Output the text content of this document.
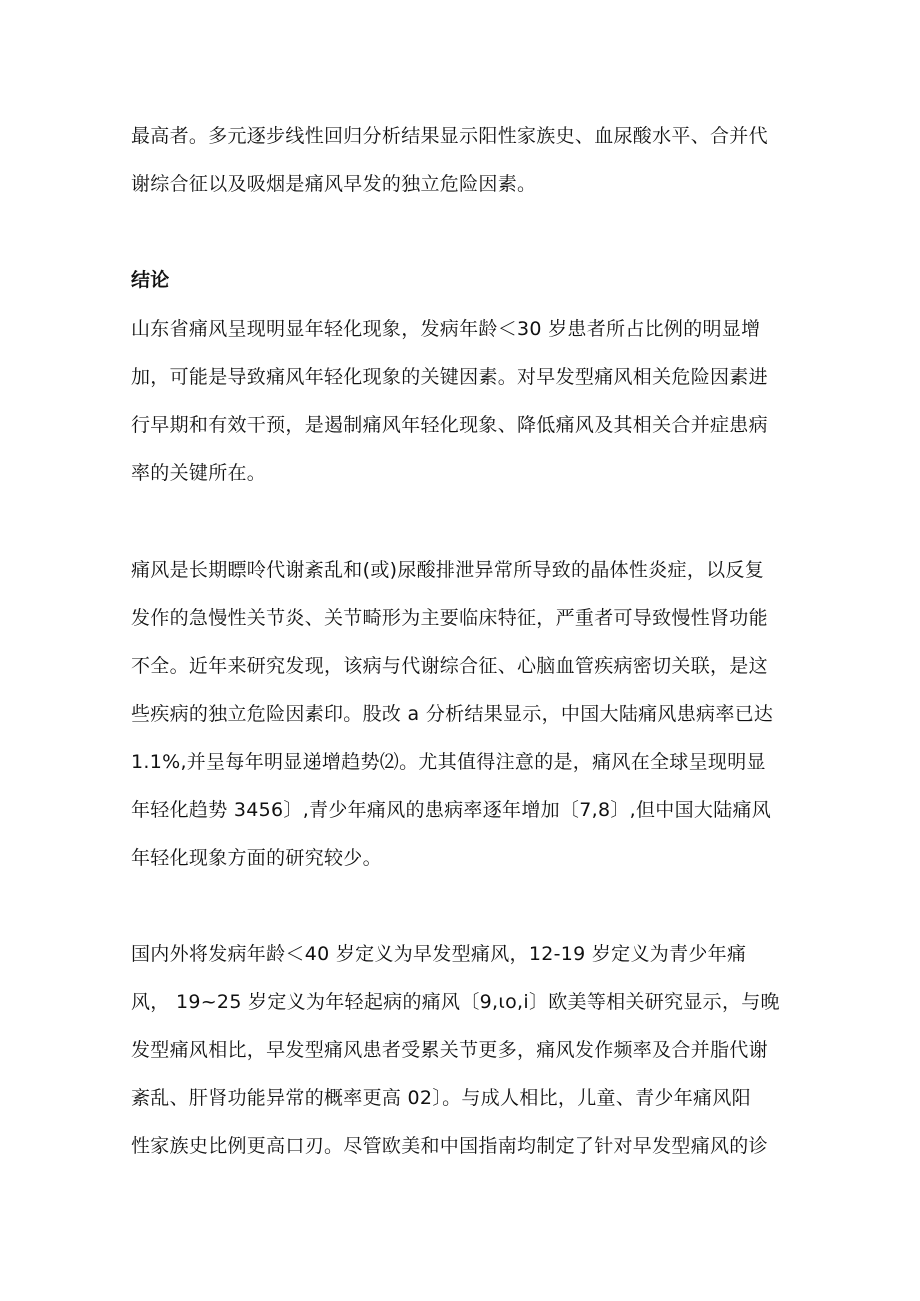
最高者。多元逐步线性回归分析结果显示阳性家族史、血尿酸水平、合并代
谢综合征以及吸烟是痛风早发的独立危险因素。
结论
山东省痛风呈现明显年轻化现象，发病年龄＜30 岁患者所占比例的明显增
加，可能是导致痛风年轻化现象的关键因素。对早发型痛风相关危险因素进
行早期和有效干预，是遏制痛风年轻化现象、降低痛风及其相关合并症患病
率的关键所在。
痛风是长期瞟呤代谢紊乱和(或)尿酸排泄异常所导致的晶体性炎症，以反复
发作的急慢性关节炎、关节畸形为主要临床特征，严重者可导致慢性肾功能
不全。近年来研究发现，该病与代谢综合征、心脑血管疾病密切关联，是这
些疾病的独立危险因素印。股改 a 分析结果显示，中国大陆痛风患病率已达
1.1%,并呈每年明显递增趋势⑵。尤其值得注意的是，痛风在全球呈现明显
年轻化趋势 3456〕,青少年痛风的患病率逐年增加〔7,8〕,但中国大陆痛风
年轻化现象方面的研究较少。
国内外将发病年龄＜40 岁定义为早发型痛风，12-19 岁定义为青少年痛
风， 19~25 岁定义为年轻起病的痛风〔9,ιo,i〕欧美等相关研究显示，与晚
发型痛风相比，早发型痛风患者受累关节更多，痛风发作频率及合并脂代谢
紊乱、肝肾功能异常的概率更高 02〕。与成人相比，儿童、青少年痛风阳
性家族史比例更高口刃。尽管欧美和中国指南均制定了针对早发型痛风的诊
